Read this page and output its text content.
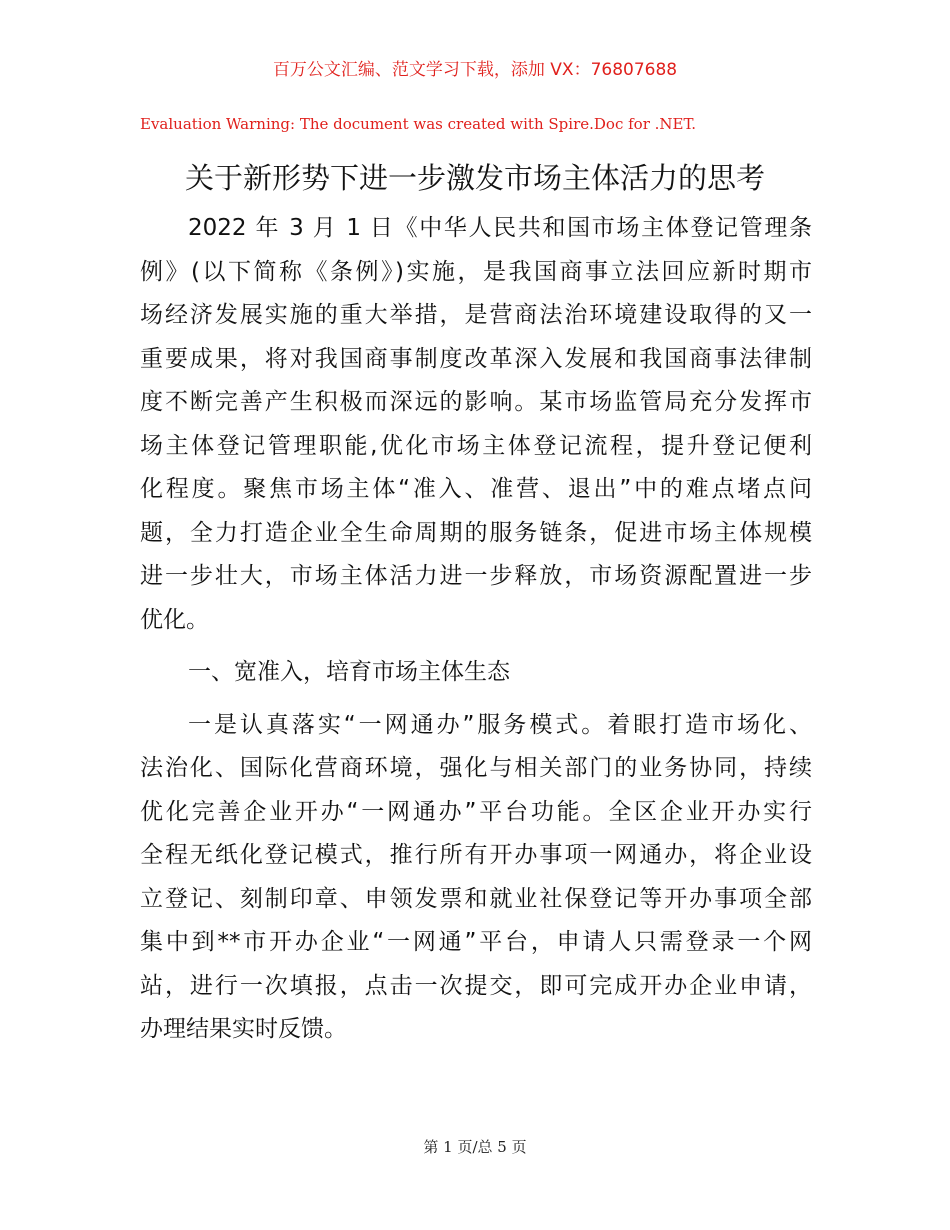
百万公文汇编、范文学习下载，添加 VX：76807688
Evaluation Warning: The document was created with Spire.Doc for .NET.
关于新形势下进一步激发市场主体活力的思考
2022 年 3 月 1 日《中华人民共和国市场主体登记管理条
例》(以下简称《条例》)实施，是我国商事立法回应新时期市
场经济发展实施的重大举措，是营商法治环境建设取得的又一
重要成果，将对我国商事制度改革深入发展和我国商事法律制
度不断完善产生积极而深远的影响。某市场监管局充分发挥市
场主体登记管理职能,优化市场主体登记流程，提升登记便利
化程度。聚焦市场主体“准入、准营、退出”中的难点堵点问
题，全力打造企业全生命周期的服务链条，促进市场主体规模
进一步壮大，市场主体活力进一步释放，市场资源配置进一步
优化。
一、宽准入，培育市场主体生态
一是认真落实“一网通办”服务模式。着眼打造市场化、
法治化、国际化营商环境，强化与相关部门的业务协同，持续
优化完善企业开办“一网通办”平台功能。全区企业开办实行
全程无纸化登记模式，推行所有开办事项一网通办，将企业设
立登记、刻制印章、申领发票和就业社保登记等开办事项全部
集中到**市开办企业“一网通”平台，申请人只需登录一个网
站，进行一次填报，点击一次提交，即可完成开办企业申请，
办理结果实时反馈。
第 1 页/总 5 页
